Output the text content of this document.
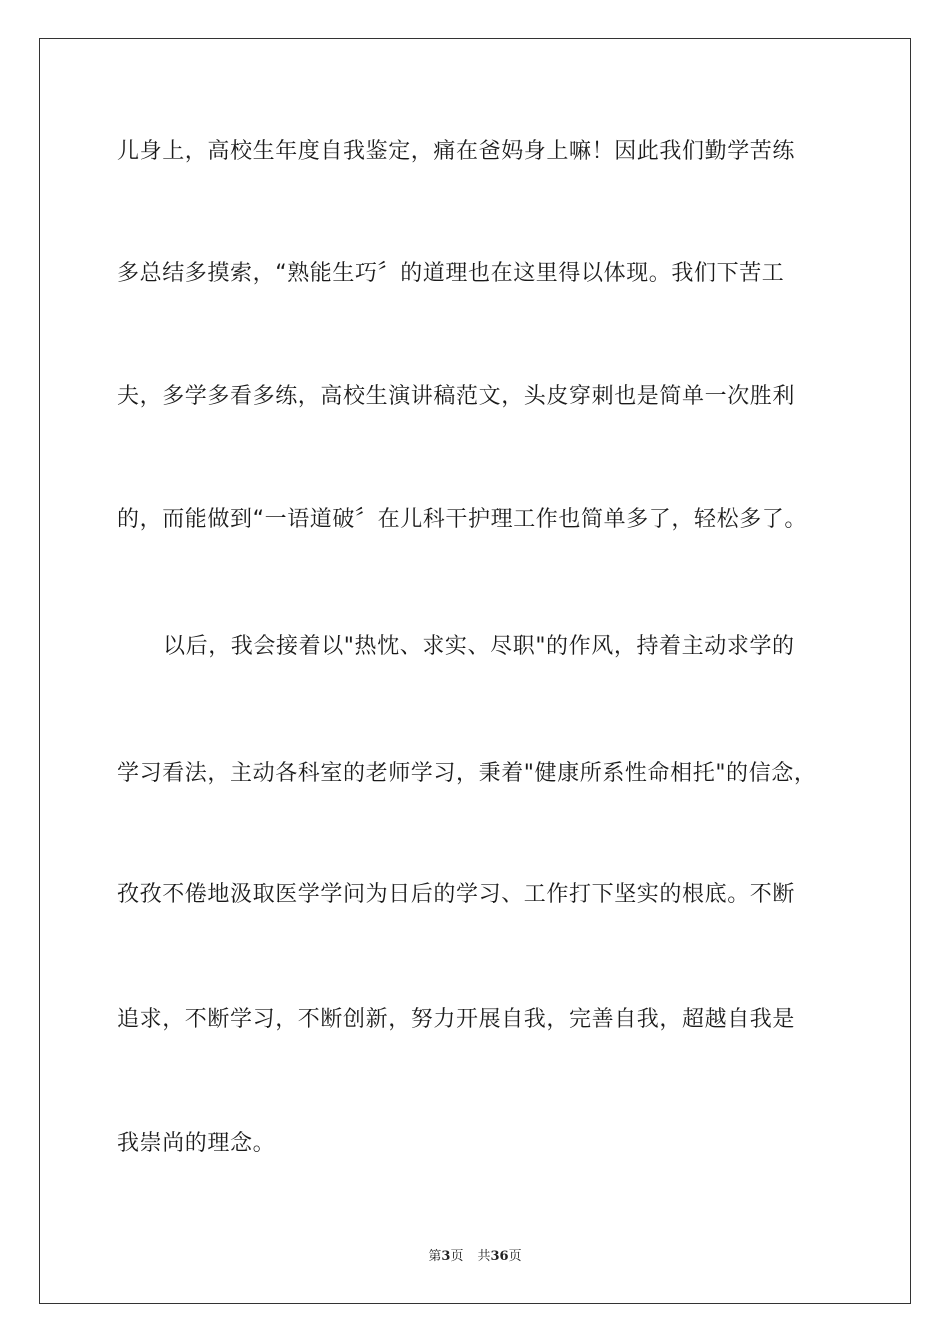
儿身上，高校生年度自我鉴定，痛在爸妈身上嘛！因此我们勤学苦练
多总结多摸索，“熟能生巧〞的道理也在这里得以体现。我们下苦工
夫，多学多看多练，高校生演讲稿范文，头皮穿刺也是简单一次胜利
的，而能做到“一语道破〞在儿科干护理工作也简单多了，轻松多了。
以后，我会接着以"热忱、求实、尽职"的作风，持着主动求学的
学习看法，主动各科室的老师学习，秉着"健康所系性命相托"的信念，
孜孜不倦地汲取医学学问为日后的学习、工作打下坚实的根底。不断
追求，不断学习，不断创新，努力开展自我，完善自我，超越自我是
我崇尚的理念。
第3页 共36页
